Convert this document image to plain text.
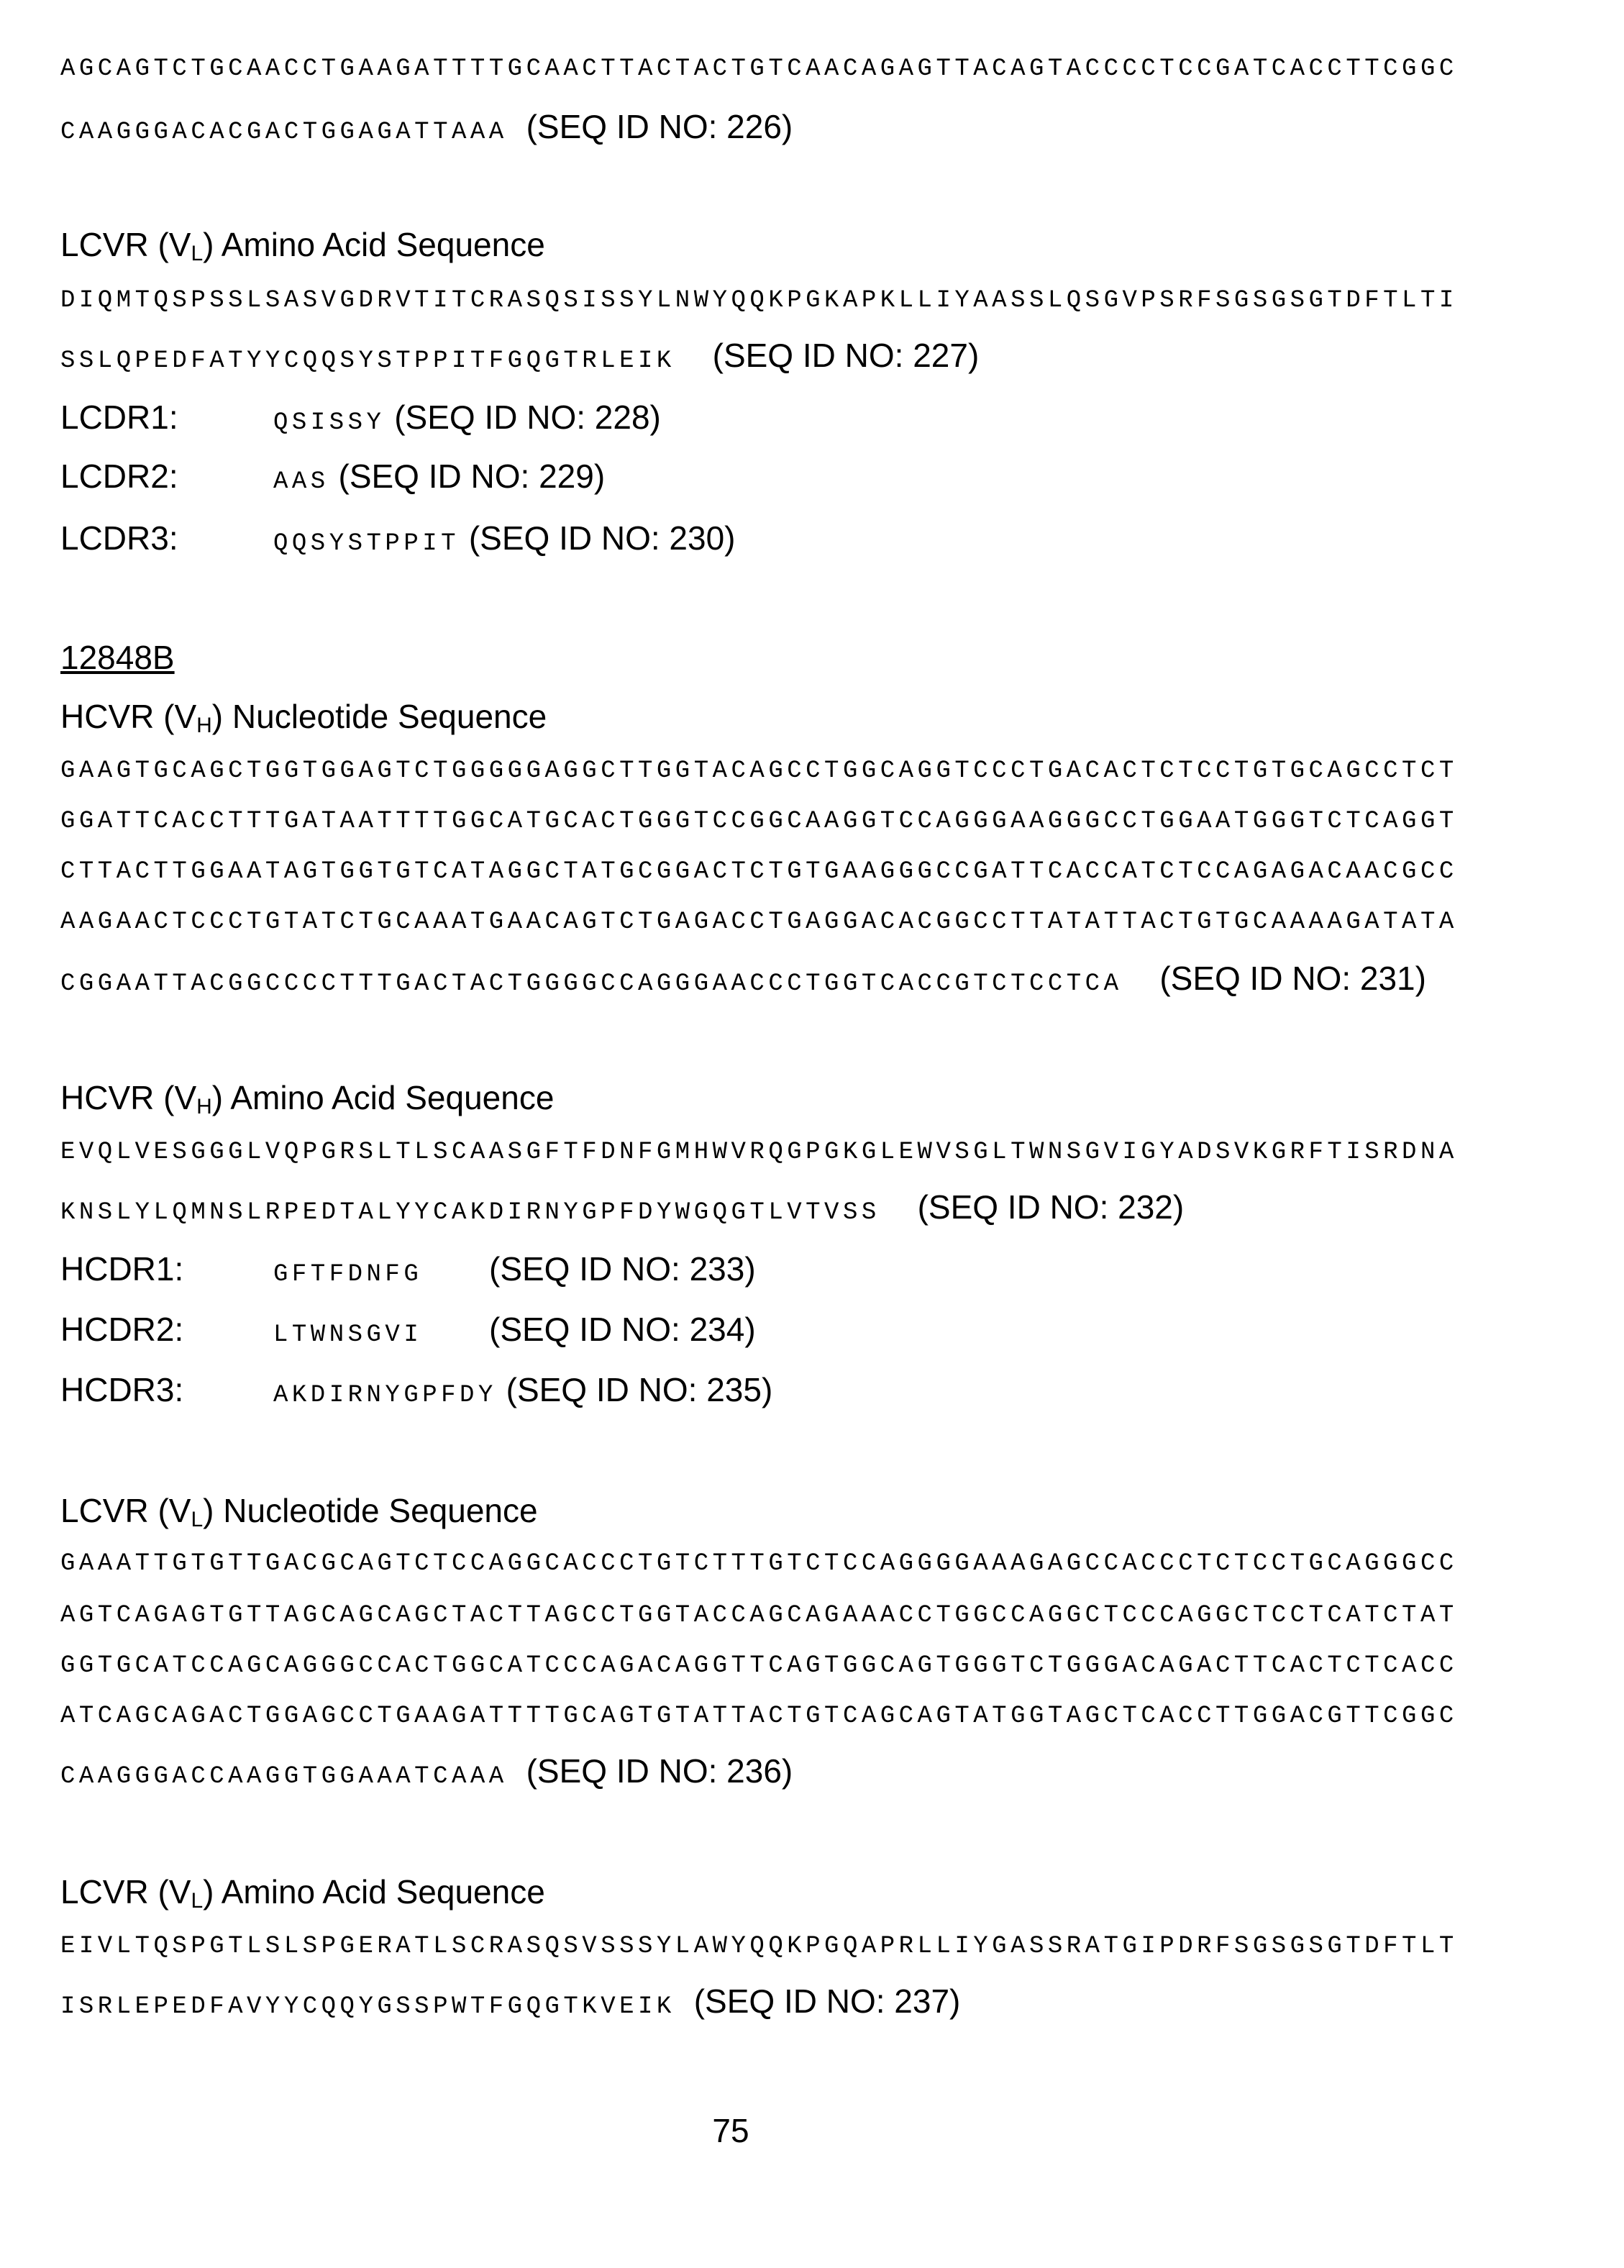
AGCAGTCTGCAACCTGAAGATTTTGCAACTTACTACTGTCAACAGAGTTACAGTACCCCTCCGATCACCTTCGGC
CAAGGGACACGACTGGAGATTAAA (SEQ ID NO: 226)
LCVR (VL) Amino Acid Sequence
DIQMTQSPSSLSASVGDRVTITCRASQSISSYLNWYQQKPGKAPKLLIYAASSLQSGVPSRFSGSGSGTDFTLTI
SSLQPEDFATYYCQQSYSTPPITFGQGTRLEIK (SEQ ID NO: 227)
LCDR1:	QSISSY (SEQ ID NO: 228)
LCDR2:	AAS (SEQ ID NO: 229)
LCDR3:	QQSYSTPPIT (SEQ ID NO: 230)
12848B
HCVR (VH) Nucleotide Sequence
GAAGTGCAGCTGGTGGAGTCTGGGGGAGGCTTGGTACAGCCTGGCAGGTCCCTGACACTCTCCTGTGCAGCCTCT
GGATTCACCTTTGATAATTTTGGCATGCACTGGGTCCGGCAAGGTCCAGGGAAGGGCCTGGAATGGGTCTCAGGT
CTTACTTGGAATAGTGGTGTCATAGGCTATGCGGACTCTGTGAAGGGCCGATTCACCATCTCCAGAGACAACGCC
AAGAACTCCCTGTATCTGCAAATGAACAGTCTGAGACCTGAGGACACGGCCTTATATTACTGTGCAAAAGATATA
CGGAATTACGGCCCCTTTGACTACTGGGGCCAGGGAACCCTGGTCACCGTCTCCTCA (SEQ ID NO: 231)
HCVR (VH) Amino Acid Sequence
EVQLVESGGGLVQPGRSLTLSCAASGFTFDNFGMHWVRQGPGKGLEWVSGLTWNSGVIGYADSVKGRFTISRDNA
KNSLYLQMNSLRPEDTALYYCAKDIRNYGPFDYWGQGTLVTVSS (SEQ ID NO: 232)
HCDR1:	GFTFDNFG (SEQ ID NO: 233)
HCDR2:	LTWNSGVI (SEQ ID NO: 234)
HCDR3:	AKDIRNYGPFDY (SEQ ID NO: 235)
LCVR (VL) Nucleotide Sequence
GAAATTGTGTTGACGCAGTCTCCAGGCACCCTGTCTTTGTCTCCAGGGGAAAGAGCCACCCTCTCCTGCAGGGCC
AGTCAGAGTGTTAGCAGCAGCTACTTAGCCTGGTACCAGCAGAAACCTGGCCAGGCTCCCAGGCTCCTCATCTAT
GGTGCATCCAGCAGGGCCACTGGCATCCCAGACAGGTTCAGTGGCAGTGGGTCTGGGACAGACTTCACTCTCACC
ATCAGCAGACTGGAGCCTGAAGATTTTGCAGTGTATTACTGTCAGCAGTATGGTAGCTCACCTTGGACGTTCGGC
CAAGGGACCAAGGTGGAAATCAAA (SEQ ID NO: 236)
LCVR (VL) Amino Acid Sequence
EIVLTQSPGTLSLSPGERATLSCRASQSVSSSYLAWYQQKPGQAPRLLIYGASSRATGIPDRFSGSGSGTDFTLT
ISRLEPEDFAVYYCQQYGSSPWTFGQGTKVEIK (SEQ ID NO: 237)
75
